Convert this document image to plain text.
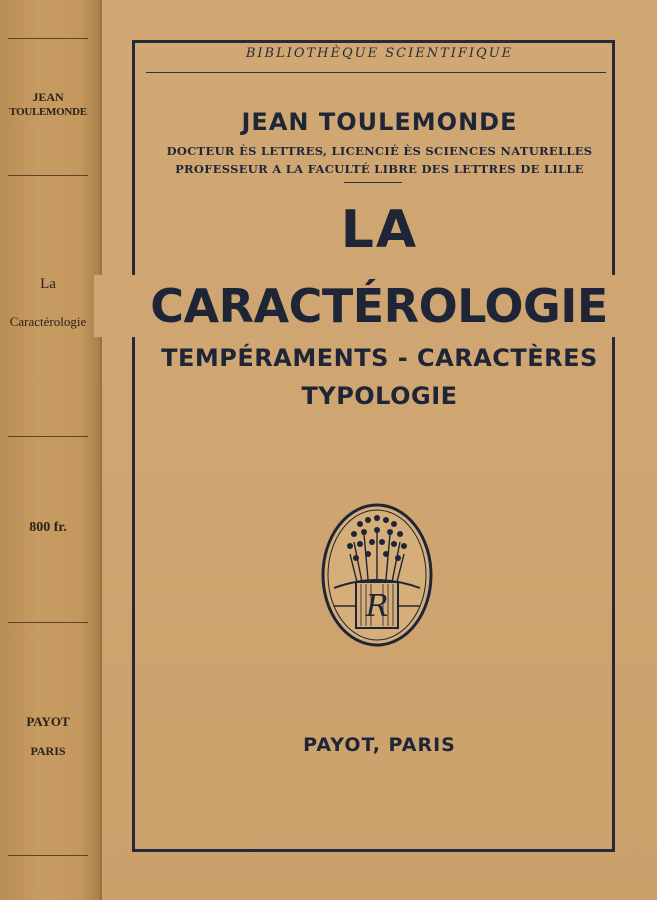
JEAN
TOULEMONDE
La
Caractérologie
800 fr.
PAYOT
PARIS
BIBLIOTHÈQUE SCIENTIFIQUE
JEAN TOULEMONDE
DOCTEUR ÈS LETTRES, LICENCIÉ ÈS SCIENCES NATURELLES
PROFESSEUR A LA FACULTÉ LIBRE DES LETTRES DE LILLE
LA
CARACTÉROLOGIE
TEMPÉRAMENTS - CARACTÈRES
TYPOLOGIE
R
PAYOT, PARIS
